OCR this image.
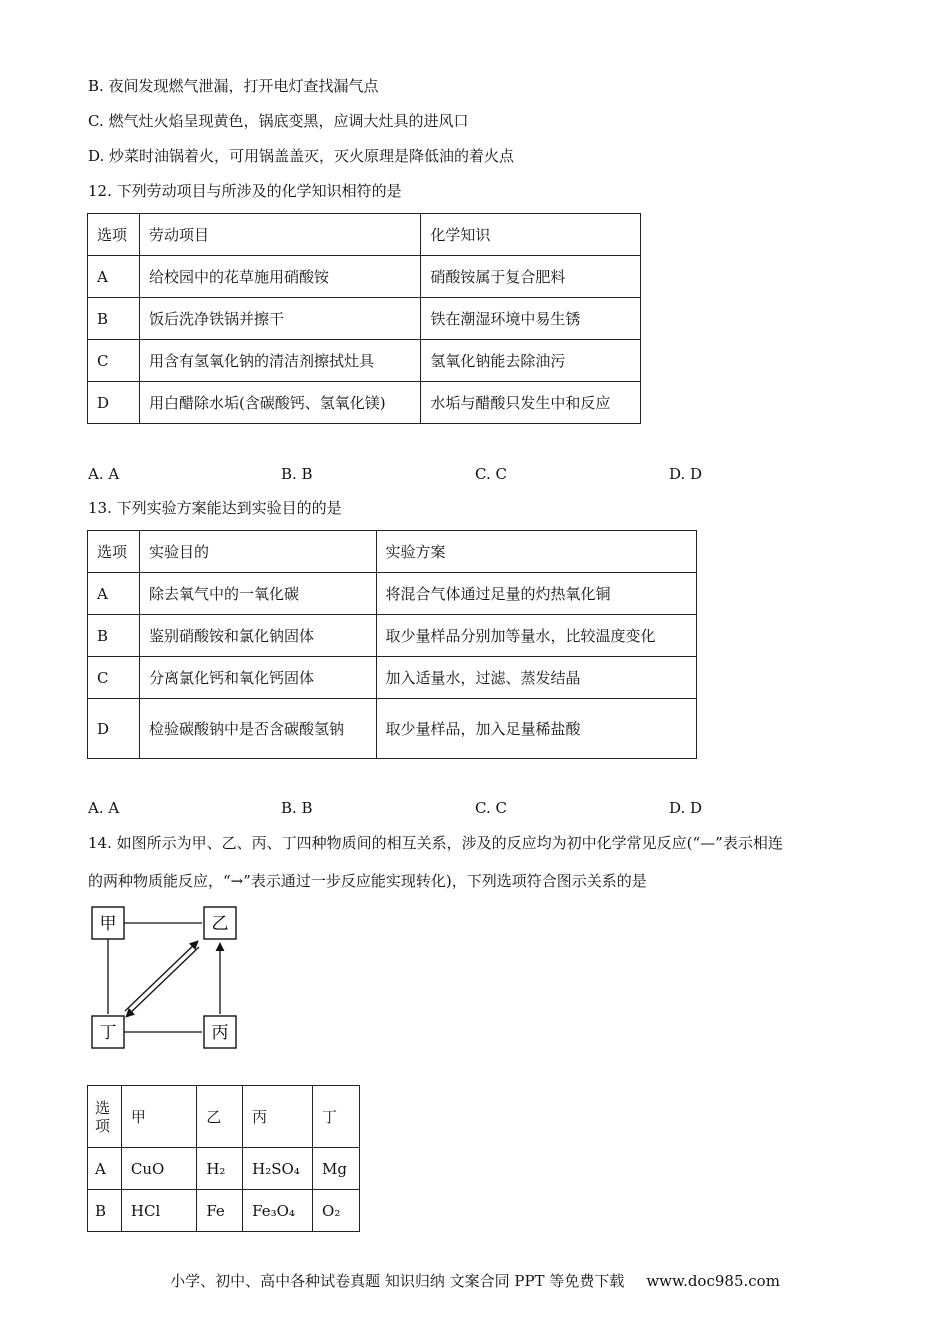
B. 夜间发现燃气泄漏，打开电灯查找漏气点
C. 燃气灶火焰呈现黄色，锅底变黑，应调大灶具的进风口
D. 炒菜时油锅着火，可用锅盖盖灭，灭火原理是降低油的着火点
12. 下列劳动项目与所涉及的化学知识相符的是
选项	劳动项目	化学知识
A	给校园中的花草施用硝酸铵	硝酸铵属于复合肥料
B	饭后洗净铁锅并擦干	铁在潮湿环境中易生锈
C	用含有氢氧化钠的清洁剂擦拭灶具	氢氧化钠能去除油污
D	用白醋除水垢(含碳酸钙、氢氧化镁)	水垢与醋酸只发生中和反应
A. A	B. B	C. C	D. D
13. 下列实验方案能达到实验目的的是
选项	实验目的	实验方案
A	除去氧气中的一氧化碳	将混合气体通过足量的灼热氧化铜
B	鉴别硝酸铵和氯化钠固体	取少量样品分别加等量水，比较温度变化
C	分离氯化钙和氧化钙固体	加入适量水，过滤、蒸发结晶
D	检验碳酸钠中是否含碳酸氢钠	取少量样品，加入足量稀盐酸
A. A	B. B	C. C	D. D
14. 如图所示为甲、乙、丙、丁四种物质间的相互关系，涉及的反应均为初中化学常见反应(“—”表示相连
的两种物质能反应，“→”表示通过一步反应能实现转化)，下列选项符合图示关系的是
甲	乙
丁	丙
选
项	甲	乙	丙	丁
A	CuO	H₂	H₂SO₄	Mg
B	HCl	Fe	Fe₃O₄	O₂
小学、初中、高中各种试卷真题 知识归纳 文案合同 PPT 等免费下载 www.doc985.com
